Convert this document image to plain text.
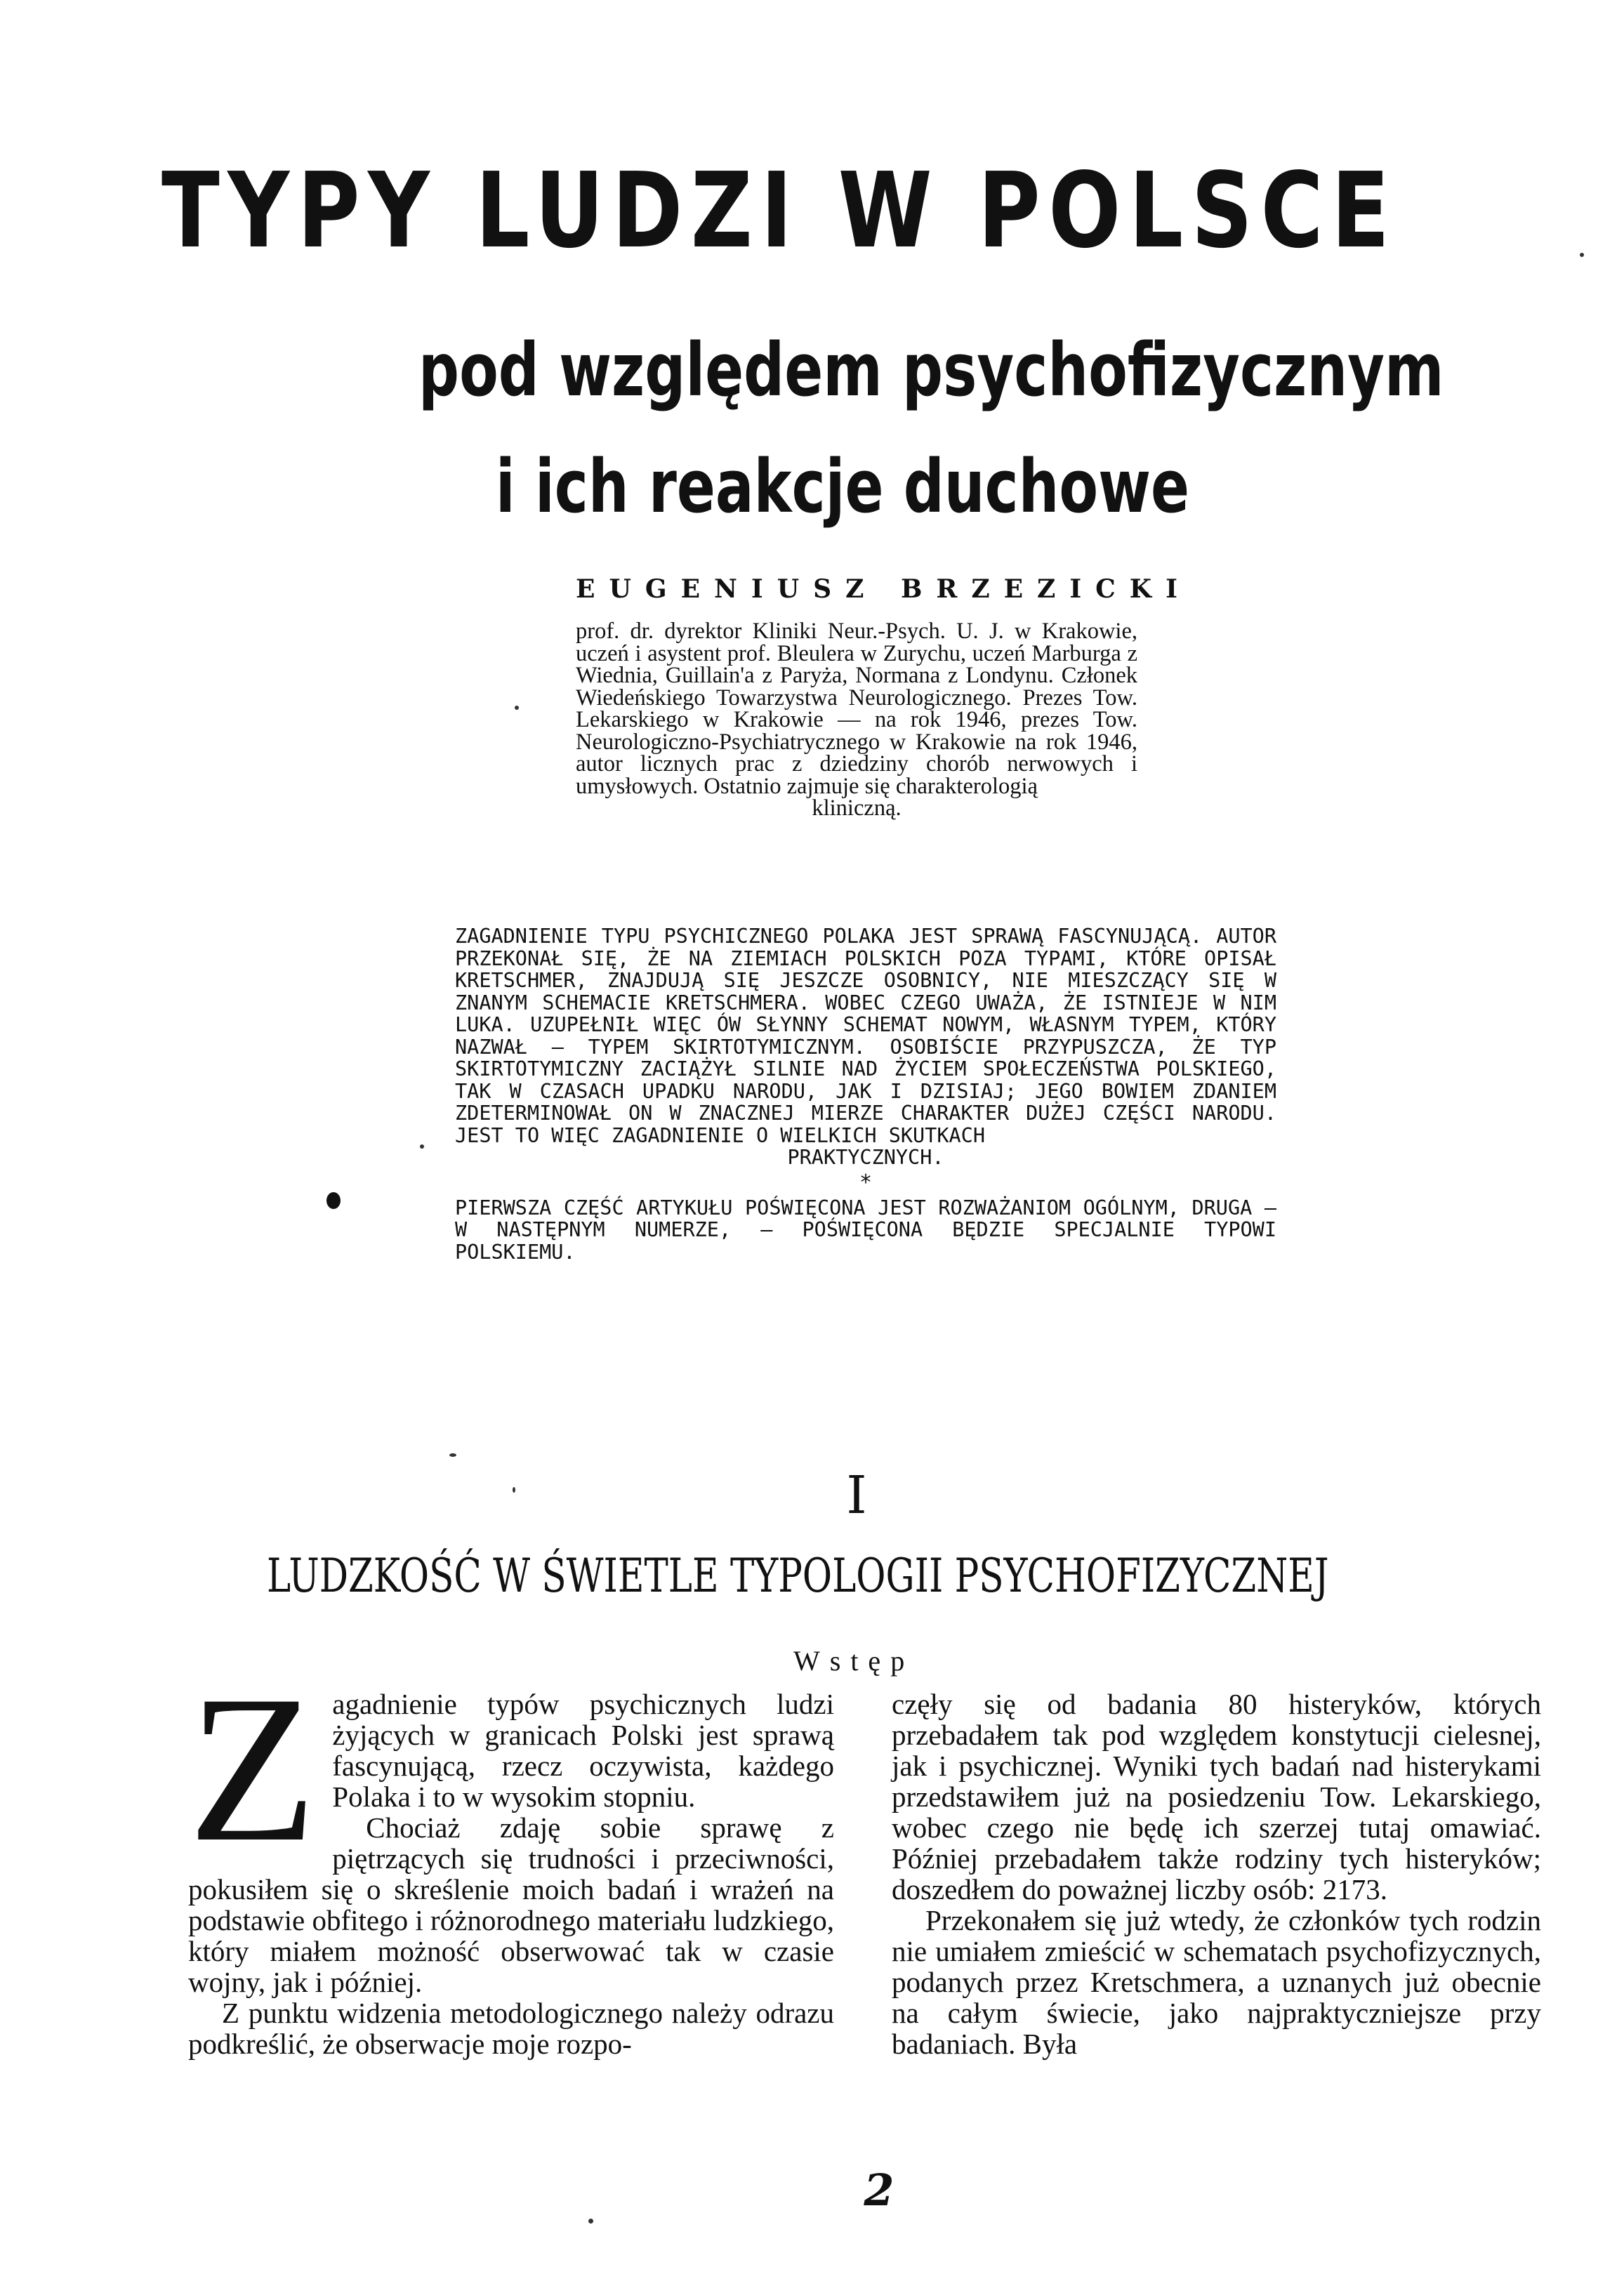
TYPY LUDZI W POLSCE
pod względem psychofizycznym
i ich reakcje duchowe
EUGENIUSZ BRZEZICKI
prof. dr. dyrektor Kliniki Neur.-Psych. U. J. w Krakowie, uczeń i asystent prof. Bleulera w Zurychu, uczeń Marburga z Wiednia, Guillain'a z Paryża, Normana z Londynu. Członek Wiedeńskiego Towarzystwa Neurologicznego. Prezes Tow. Lekarskiego w Krakowie — na rok 1946, prezes Tow. Neurologiczno-Psychiatrycznego w Krakowie na rok 1946, autor licznych prac z dziedziny chorób nerwowych i umysłowych. Ostatnio zajmuje się charakterologią
kliniczną.

ZAGADNIENIE TYPU PSYCHICZNEGO POLAKA JEST SPRAWĄ FASCYNUJĄCĄ. AUTOR PRZEKONAŁ SIĘ, ŻE NA ZIEMIACH POLSKICH POZA TYPAMI, KTÓRE OPISAŁ KRETSCHMER, ZNAJDUJĄ SIĘ JESZCZE OSOBNICY, NIE MIESZCZĄCY SIĘ W ZNANYM SCHEMACIE KRETSCHMERA. WOBEC CZEGO UWAŻA, ŻE ISTNIEJE W NIM LUKA. UZUPEŁNIŁ WIĘC ÓW SŁYNNY SCHEMAT NOWYM, WŁASNYM TYPEM, KTÓRY NAZWAŁ — TYPEM SKIRTOTYMICZNYM. OSOBIŚCIE PRZYPUSZCZA, ŻE TYP SKIRTOTYMICZNY ZACIĄŻYŁ SILNIE NAD ŻYCIEM SPOŁECZEŃSTWA POLSKIEGO, TAK W CZASACH UPADKU NARODU, JAK I DZISIAJ; JEGO BOWIEM ZDANIEM ZDETERMINOWAŁ ON W ZNACZNEJ MIERZE CHARAKTER DUŻEJ CZĘŚCI NARODU. JEST TO WIĘC ZAGADNIENIE O WIELKICH SKUTKACH
PRAKTYCZNYCH.

*

PIERWSZA CZĘŚĆ ARTYKUŁU POŚWIĘCONA JEST ROZWAŻANIOM OGÓLNYM, DRUGA — W NASTĘPNYM NUMERZE, — POŚWIĘCONA BĘDZIE SPECJALNIE TYPOWI POLSKIEMU.

I
LUDZKOŚĆ W ŚWIETLE TYPOLOGII PSYCHOFIZYCZNEJ
Wstęp

Zagadnienie typów psychicznych ludzi żyjących w granicach Polski jest sprawą fascynującą, rzecz oczywista, każdego Polaka i to w wysokim stopniu.

Chociaż zdaję sobie sprawę z piętrzących się trudności i przeciwności, pokusiłem się o skreślenie moich badań i wrażeń na podstawie obfitego i różnorodnego materiału ludzkiego, który miałem możność obserwować tak w czasie wojny, jak i później.

Z punktu widzenia metodologicznego należy odrazu podkreślić, że obserwacje moje rozpo-

częły się od badania 80 histeryków, których przebadałem tak pod względem konstytucji cielesnej, jak i psychicznej. Wyniki tych badań nad histerykami przedstawiłem już na posiedzeniu Tow. Lekarskiego, wobec czego nie będę ich szerzej tutaj omawiać. Później przebadałem także rodziny tych histeryków; doszedłem do poważnej liczby osób: 2173.

Przekonałem się już wtedy, że członków tych rodzin nie umiałem zmieścić w schematach psychofizycznych, podanych przez Kretschmera, a uznanych już obecnie na całym świecie, jako najpraktyczniejsze przy badaniach. Była

2
